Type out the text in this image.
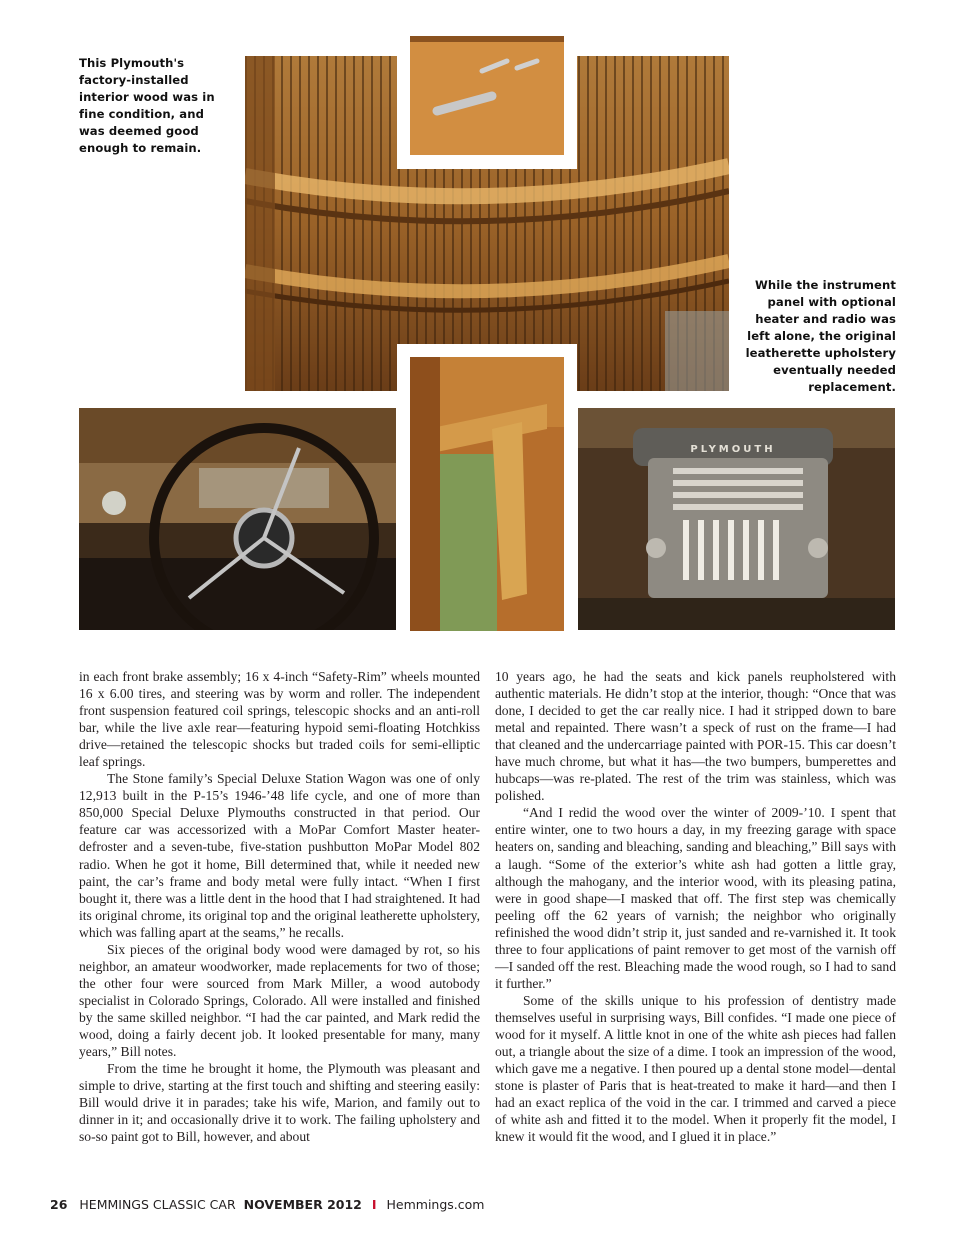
PLYMOUTH
This Plymouth's factory-installed interior wood was in fine condition, and was deemed good enough to remain.
While the instrument panel with optional heater and radio was left alone, the original leatherette upholstery eventually needed replacement.

in each front brake assembly; 16 x 4-inch “Safety-Rim” wheels mounted 16 x 6.00 tires, and steering was by worm and roller. The independent front suspension featured coil springs, telescopic shocks and an anti-roll bar, while the live axle rear—featuring hypoid semi-floating Hotchkiss drive—retained the telescopic shocks but traded coils for semi-elliptic leaf springs.

The Stone family’s Special Deluxe Station Wagon was one of only 12,913 built in the P-15’s 1946-’48 life cycle, and one of more than 850,000 Special Deluxe Plymouths constructed in that period. Our feature car was accessorized with a MoPar Comfort Master heater-defroster and a seven-tube, five-station pushbutton MoPar Model 802 radio. When he got it home, Bill determined that, while it needed new paint, the car’s frame and body metal were fully intact. “When I first bought it, there was a little dent in the hood that I had straightened. It had its original chrome, its original top and the original leatherette upholstery, which was falling apart at the seams,” he recalls.

Six pieces of the original body wood were damaged by rot, so his neighbor, an amateur woodworker, made replacements for two of those; the other four were sourced from Mark Miller, a wood autobody specialist in Colorado Springs, Colorado. All were installed and finished by the same skilled neighbor. “I had the car painted, and Mark redid the wood, doing a fairly decent job. It looked presentable for many, many years,” Bill notes.

From the time he brought it home, the Plymouth was pleasant and simple to drive, starting at the first touch and shifting and steering easily: Bill would drive it in parades; take his wife, Marion, and family out to dinner in it; and occasionally drive it to work. The failing upholstery and so-so paint got to Bill, however, and about

10 years ago, he had the seats and kick panels reupholstered with authentic materials. He didn’t stop at the interior, though: “Once that was done, I decided to get the car really nice. I had it stripped down to bare metal and repainted. There wasn’t a speck of rust on the frame—I had that cleaned and the undercarriage painted with POR-15. This car doesn’t have much chrome, but what it has—the two bumpers, bumperettes and hubcaps—was re-plated. The rest of the trim was stainless, which was polished.

“And I redid the wood over the winter of 2009-’10. I spent that entire winter, one to two hours a day, in my freezing garage with space heaters on, sanding and bleaching, sanding and bleaching,” Bill says with a laugh. “Some of the exterior’s white ash had gotten a little gray, although the mahogany, and the interior wood, with its pleasing patina, were in good shape—I masked that off. The first step was chemically peeling off the 62 years of varnish; the neighbor who originally refinished the wood didn’t strip it, just sanded and re-varnished it. It took three to four applications of paint remover to get most of the varnish off—I sanded off the rest. Bleaching made the wood rough, so I had to sand it further.”

Some of the skills unique to his profession of dentistry made themselves useful in surprising ways, Bill confides. “I made one piece of wood for it myself. A little knot in one of the white ash pieces had fallen out, a triangle about the size of a dime. I took an impression of the wood, which gave me a negative. I then poured up a dental stone model—dental stone is plaster of Paris that is heat-treated to make it hard—and then I had an exact replica of the void in the car. I trimmed and carved a piece of white ash and fitted it to the model. When it properly fit the model, I knew it would fit the wood, and I glued it in place.”

26 HEMMINGS CLASSIC CAR NOVEMBER 2012 I Hemmings.com
